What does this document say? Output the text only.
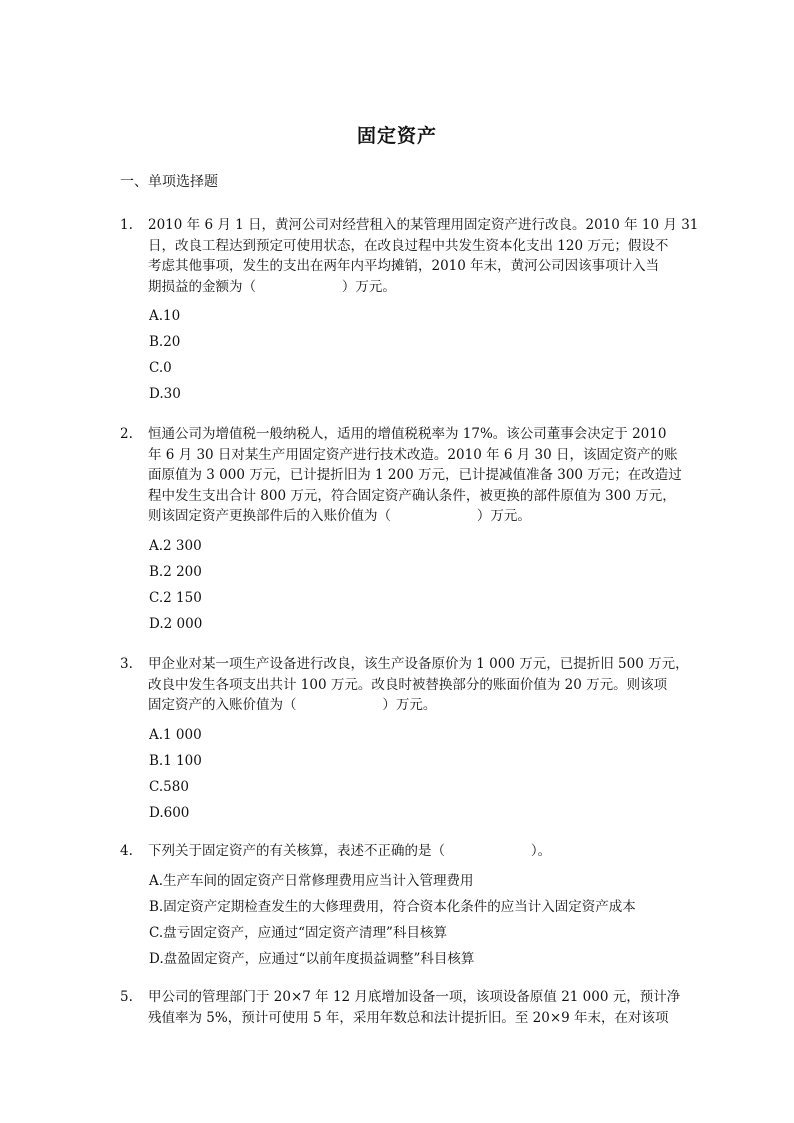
固定资产
一、单项选择题
1.	2010 年 6 月 1 日，黄河公司对经营租入的某管理用固定资产进行改良。2010 年 10 月 31
日，改良工程达到预定可使用状态，在改良过程中共发生资本化支出 120 万元；假设不
考虑其他事项，发生的支出在两年内平均摊销，2010 年末，黄河公司因该事项计入当
期损益的金额为（                    ）万元。
A.10
B.20
C.0
D.30
2.	恒通公司为增值税一般纳税人，适用的增值税税率为 17%。该公司董事会决定于 2010
年 6 月 30 日对某生产用固定资产进行技术改造。2010 年 6 月 30 日，该固定资产的账
面原值为 3 000 万元，已计提折旧为 1 200 万元，已计提减值准备 300 万元；在改造过
程中发生支出合计 800 万元，符合固定资产确认条件，被更换的部件原值为 300 万元，
则该固定资产更换部件后的入账价值为（                    ）万元。
A.2 300
B.2 200
C.2 150
D.2 000
3.	甲企业对某一项生产设备进行改良，该生产设备原价为 1 000 万元，已提折旧 500 万元，
改良中发生各项支出共计 100 万元。改良时被替换部分的账面价值为 20 万元。则该项
固定资产的入账价值为（                    ）万元。
A.1 000
B.1 100
C.580
D.600
4.	下列关于固定资产的有关核算，表述不正确的是（                    ）。
A.生产车间的固定资产日常修理费用应当计入管理费用
B.固定资产定期检查发生的大修理费用，符合资本化条件的应当计入固定资产成本
C.盘亏固定资产，应通过“固定资产清理”科目核算
D.盘盈固定资产，应通过“以前年度损益调整”科目核算
5.	甲公司的管理部门于 20×7 年 12 月底增加设备一项，该项设备原值 21 000 元，预计净
残值率为 5%，预计可使用 5 年，采用年数总和法计提折旧。至 20×9 年末，在对该项
